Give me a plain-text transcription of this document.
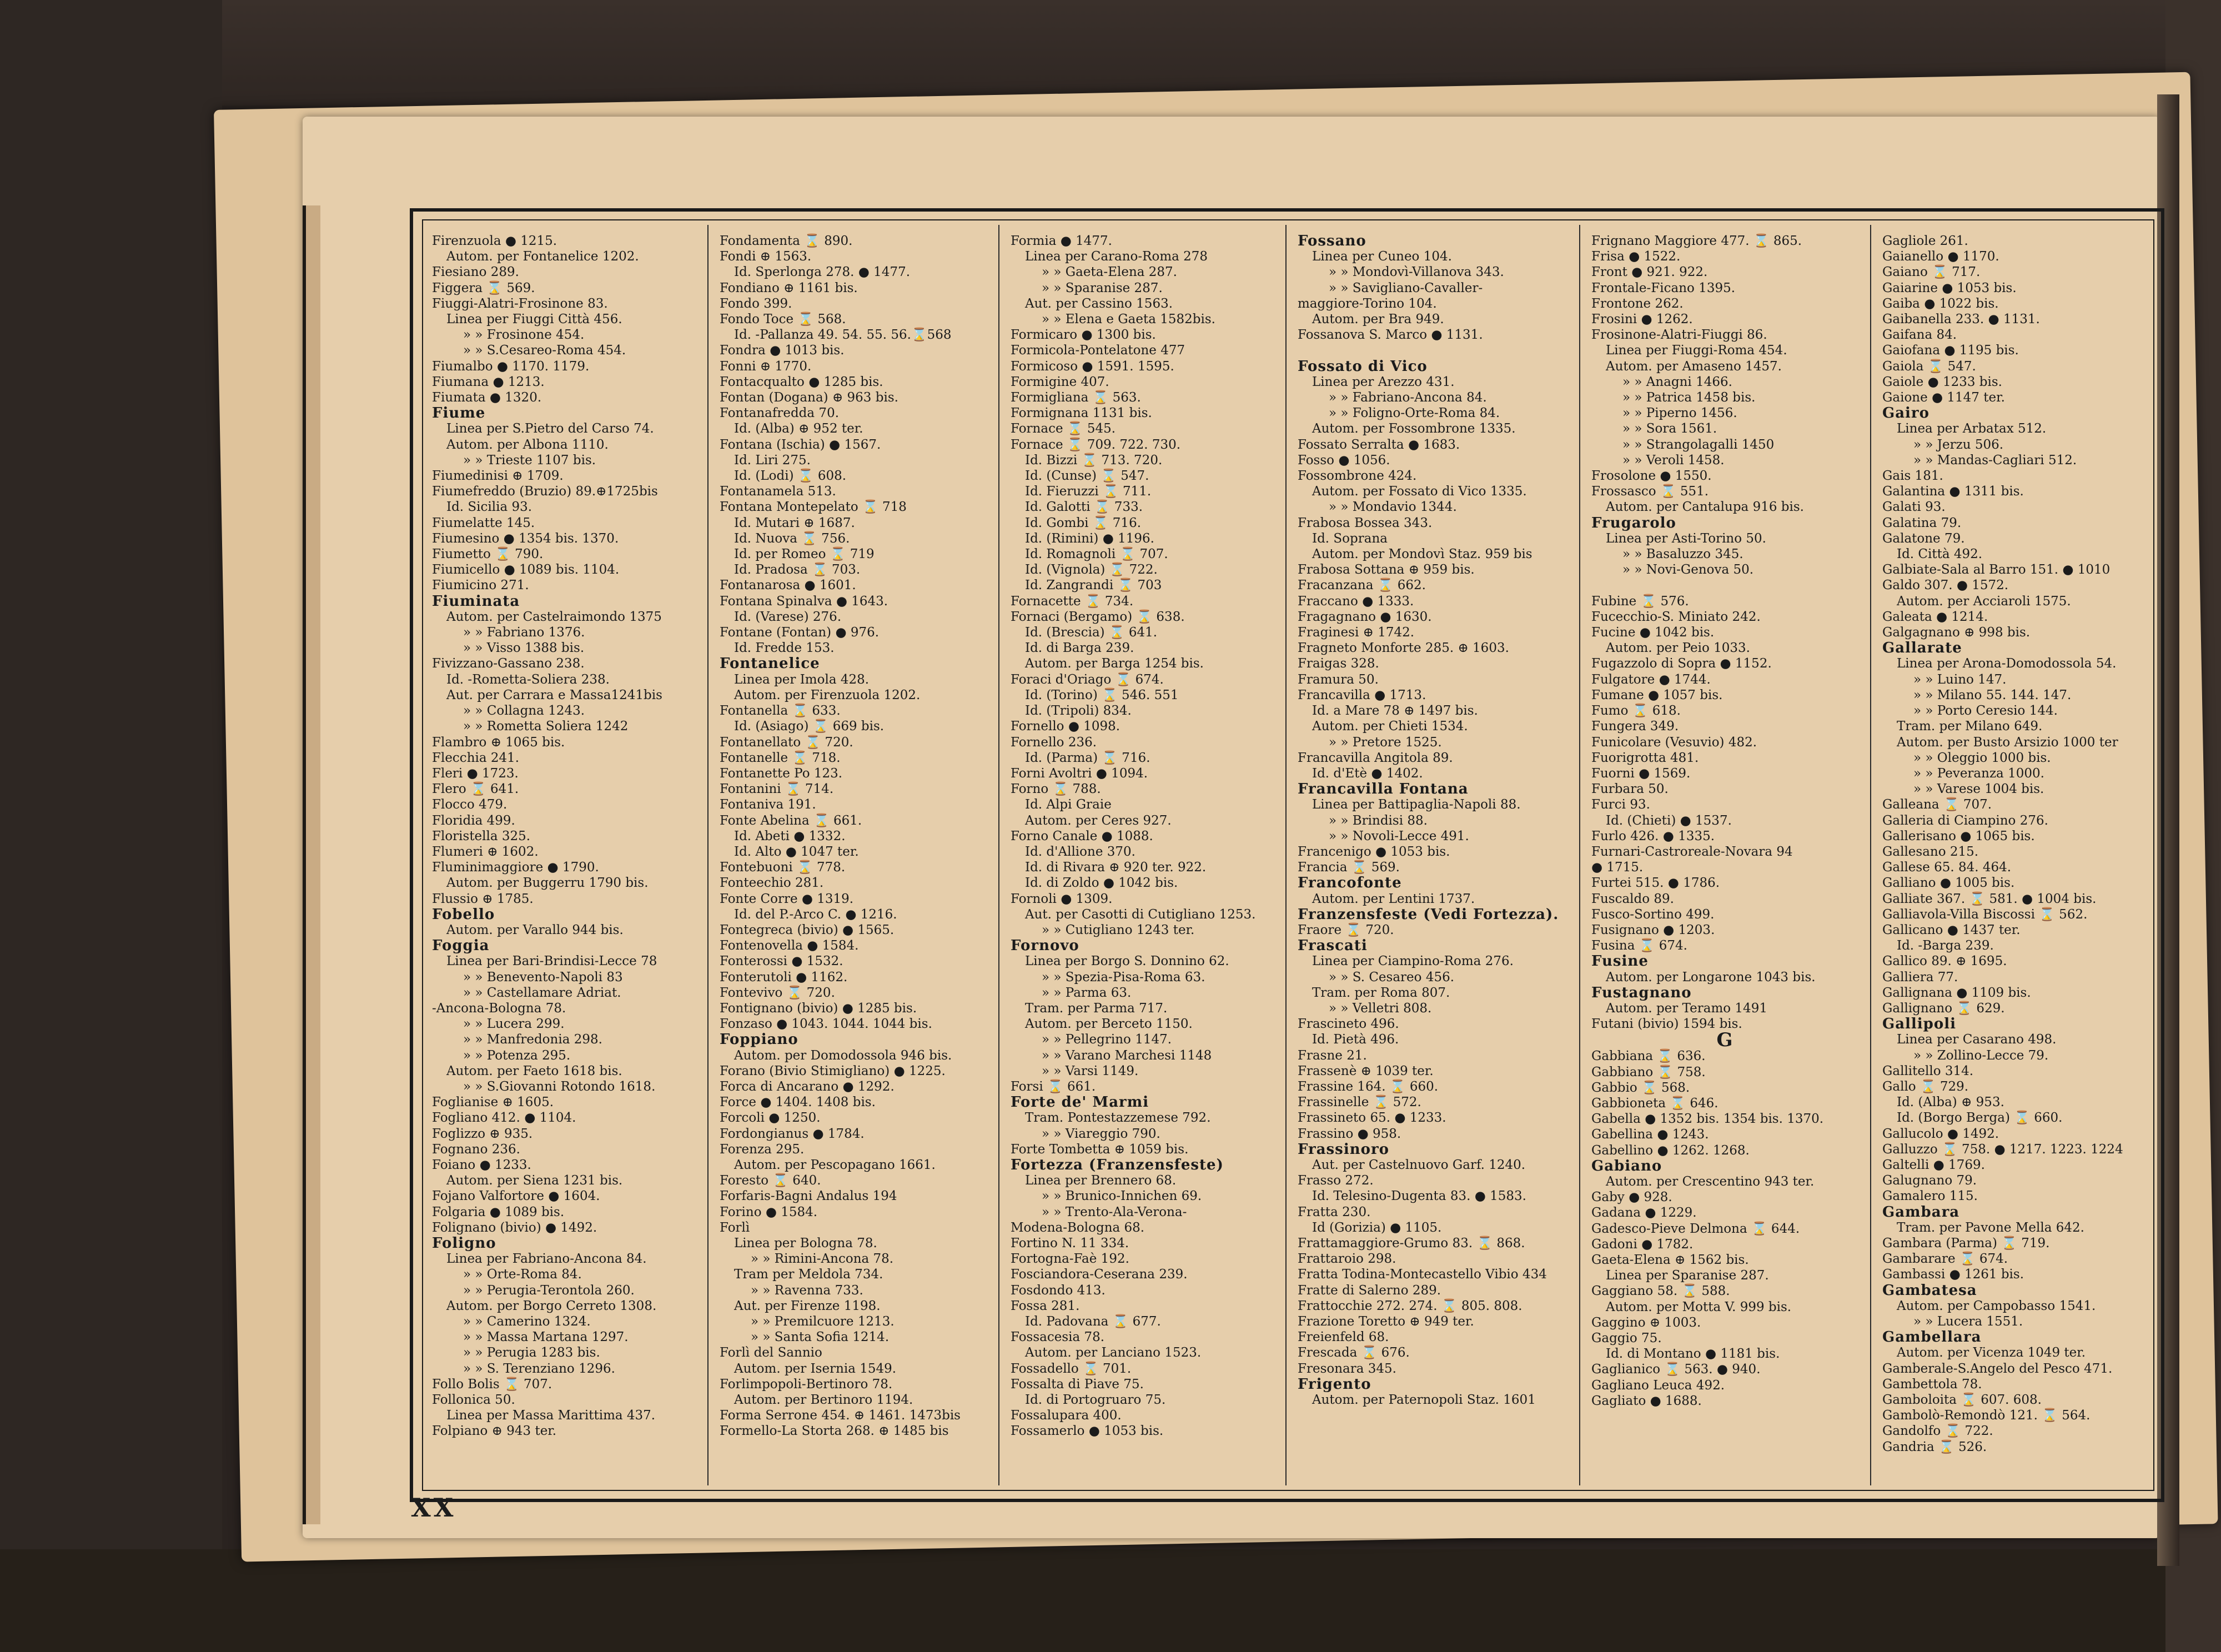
Firenzuola ● 1215.
Autom. per Fontanelice 1202.
Fiesiano 289.
Figgera ⌛ 569.
Fiuggi-Alatri-Frosinone 83.
Linea per Fiuggi Città 456.
» » Frosinone 454.
» » S.Cesareo-Roma 454.
Fiumalbo ● 1170. 1179.
Fiumana ● 1213.
Fiumata ● 1320.
Fiume
Linea per S.Pietro del Carso 74.
Autom. per Albona 1110.
» » Trieste 1107 bis.
Fiumedinisi ⊕ 1709.
Fiumefreddo (Bruzio) 89.⊕1725bis
Id. Sicilia 93.
Fiumelatte 145.
Fiumesino ● 1354 bis. 1370.
Fiumetto ⌛ 790.
Fiumicello ● 1089 bis. 1104.
Fiumicino 271.
Fiuminata
Autom. per Castelraimondo 1375
» » Fabriano 1376.
» » Visso 1388 bis.
Fivizzano-Gassano 238.
Id. -Rometta-Soliera 238.
Aut. per Carrara e Massa1241bis
» » Collagna 1243.
» » Rometta Soliera 1242
Flambro ⊕ 1065 bis.
Flecchia 241.
Fleri ● 1723.
Flero ⌛ 641.
Flocco 479.
Floridia 499.
Floristella 325.
Flumeri ⊕ 1602.
Fluminimaggiore ● 1790.
Autom. per Buggerru 1790 bis.
Flussio ⊕ 1785.
Fobello
Autom. per Varallo 944 bis.
Foggia
Linea per Bari-Brindisi-Lecce 78
» » Benevento-Napoli 83
» » Castellamare Adriat.
-Ancona-Bologna 78.
» » Lucera 299.
» » Manfredonia 298.
» » Potenza 295.
Autom. per Faeto 1618 bis.
» » S.Giovanni Rotondo 1618.
Foglianise ⊕ 1605.
Fogliano 412. ● 1104.
Foglizzo ⊕ 935.
Fognano 236.
Foiano ● 1233.
Autom. per Siena 1231 bis.
Fojano Valfortore ● 1604.
Folgaria ● 1089 bis.
Folignano (bivio) ● 1492.
Foligno
Linea per Fabriano-Ancona 84.
» » Orte-Roma 84.
» » Perugia-Terontola 260.
Autom. per Borgo Cerreto 1308.
» » Camerino 1324.
» » Massa Martana 1297.
» » Perugia 1283 bis.
» » S. Terenziano 1296.
Follo Bolis ⌛ 707.
Follonica 50.
Linea per Massa Marittima 437.
Folpiano ⊕ 943 ter.
Fondamenta ⌛ 890.
Fondi ⊕ 1563.
Id. Sperlonga 278. ● 1477.
Fondiano ⊕ 1161 bis.
Fondo 399.
Fondo Toce ⌛ 568.
Id. -Pallanza 49. 54. 55. 56.⌛568
Fondra ● 1013 bis.
Fonni ⊕ 1770.
Fontacqualto ● 1285 bis.
Fontan (Dogana) ⊕ 963 bis.
Fontanafredda 70.
Id. (Alba) ⊕ 952 ter.
Fontana (Ischia) ● 1567.
Id. Liri 275.
Id. (Lodi) ⌛ 608.
Fontanamela 513.
Fontana Montepelato ⌛ 718
Id. Mutari ⊕ 1687.
Id. Nuova ⌛ 756.
Id. per Romeo ⌛ 719
Id. Pradosa ⌛ 703.
Fontanarosa ● 1601.
Fontana Spinalva ● 1643.
Id. (Varese) 276.
Fontane (Fontan) ● 976.
Id. Fredde 153.
Fontanelice
Linea per Imola 428.
Autom. per Firenzuola 1202.
Fontanella ⌛ 633.
Id. (Asiago) ⌛ 669 bis.
Fontanellato ⌛ 720.
Fontanelle ⌛ 718.
Fontanette Po 123.
Fontanini ⌛ 714.
Fontaniva 191.
Fonte Abelina ⌛ 661.
Id. Abeti ● 1332.
Id. Alto ● 1047 ter.
Fontebuoni ⌛ 778.
Fonteechio 281.
Fonte Corre ● 1319.
Id. del P.-Arco C. ● 1216.
Fontegreca (bivio) ● 1565.
Fontenovella ● 1584.
Fonterossi ● 1532.
Fonterutoli ● 1162.
Fontevivo ⌛ 720.
Fontignano (bivio) ● 1285 bis.
Fonzaso ● 1043. 1044. 1044 bis.
Foppiano
Autom. per Domodossola 946 bis.
Forano (Bivio Stimigliano) ● 1225.
Forca di Ancarano ● 1292.
Force ● 1404. 1408 bis.
Forcoli ● 1250.
Fordongianus ● 1784.
Forenza 295.
Autom. per Pescopagano 1661.
Foresto ⌛ 640.
Forfaris-Bagni Andalus 194
Forino ● 1584.
Forlì
Linea per Bologna 78.
» » Rimini-Ancona 78.
Tram per Meldola 734.
» » Ravenna 733.
Aut. per Firenze 1198.
» » Premilcuore 1213.
» » Santa Sofia 1214.
Forlì del Sannio
Autom. per Isernia 1549.
Forlimpopoli-Bertinoro 78.
Autom. per Bertinoro 1194.
Forma Serrone 454. ⊕ 1461. 1473bis
Formello-La Storta 268. ⊕ 1485 bis
Formia ● 1477.
Linea per Carano-Roma 278
» » Gaeta-Elena 287.
» » Sparanise 287.
Aut. per Cassino 1563.
» » Elena e Gaeta 1582bis.
Formicaro ● 1300 bis.
Formicola-Pontelatone 477
Formicoso ● 1591. 1595.
Formigine 407.
Formigliana ⌛ 563.
Formignana 1131 bis.
Fornace ⌛ 545.
Fornace ⌛ 709. 722. 730.
Id. Bizzi ⌛ 713. 720.
Id. (Cunse) ⌛ 547.
Id. Fieruzzi ⌛ 711.
Id. Galotti ⌛ 733.
Id. Gombi ⌛ 716.
Id. (Rimini) ● 1196.
Id. Romagnoli ⌛ 707.
Id. (Vignola) ⌛ 722.
Id. Zangrandi ⌛ 703
Fornacette ⌛ 734.
Fornaci (Bergamo) ⌛ 638.
Id. (Brescia) ⌛ 641.
Id. di Barga 239.
Autom. per Barga 1254 bis.
Foraci d'Oriago ⌛ 674.
Id. (Torino) ⌛ 546. 551
Id. (Tripoli) 834.
Fornello ● 1098.
Fornello 236.
Id. (Parma) ⌛ 716.
Forni Avoltri ● 1094.
Forno ⌛ 788.
Id. Alpi Graie
Autom. per Ceres 927.
Forno Canale ● 1088.
Id. d'Allione 370.
Id. di Rivara ⊕ 920 ter. 922.
Id. di Zoldo ● 1042 bis.
Fornoli ● 1309.
Aut. per Casotti di Cutigliano 1253.
» » Cutigliano 1243 ter.
Fornovo
Linea per Borgo S. Donnino 62.
» » Spezia-Pisa-Roma 63.
» » Parma 63.
Tram. per Parma 717.
Autom. per Berceto 1150.
» » Pellegrino 1147.
» » Varano Marchesi 1148
» » Varsi 1149.
Forsi ⌛ 661.
Forte de' Marmi
Tram. Pontestazzemese 792.
» » Viareggio 790.
Forte Tombetta ⊕ 1059 bis.
Fortezza (Franzensfeste)
Linea per Brennero 68.
» » Brunico-Innichen 69.
» » Trento-Ala-Verona-
Modena-Bologna 68.
Fortino N. 11 334.
Fortogna-Faè 192.
Fosciandora-Ceserana 239.
Fosdondo 413.
Fossa 281.
Id. Padovana ⌛ 677.
Fossacesia 78.
Autom. per Lanciano 1523.
Fossadello ⌛ 701.
Fossalta di Piave 75.
Id. di Portogruaro 75.
Fossalupara 400.
Fossamerlo ● 1053 bis.
Fossano
Linea per Cuneo 104.
» » Mondovì-Villanova 343.
» » Savigliano-Cavaller-
maggiore-Torino 104.
Autom. per Bra 949.
Fossanova S. Marco ● 1131.

Fossato di Vico
Linea per Arezzo 431.
» » Fabriano-Ancona 84.
» » Foligno-Orte-Roma 84.
Autom. per Fossombrone 1335.
Fossato Serralta ● 1683.
Fosso ● 1056.
Fossombrone 424.
Autom. per Fossato di Vico 1335.
» » Mondavio 1344.
Frabosa Bossea 343.
Id. Soprana
Autom. per Mondovì Staz. 959 bis
Frabosa Sottana ⊕ 959 bis.
Fracanzana ⌛ 662.
Fraccano ● 1333.
Fragagnano ● 1630.
Fraginesi ⊕ 1742.
Fragneto Monforte 285. ⊕ 1603.
Fraigas 328.
Framura 50.
Francavilla ● 1713.
Id. a Mare 78 ⊕ 1497 bis.
Autom. per Chieti 1534.
» » Pretore 1525.
Francavilla Angitola 89.
Id. d'Etè ● 1402.
Francavilla Fontana
Linea per Battipaglia-Napoli 88.
» » Brindisi 88.
» » Novoli-Lecce 491.
Francenigo ● 1053 bis.
Francia ⌛ 569.
Francofonte
Autom. per Lentini 1737.
Franzensfeste (Vedi Fortezza).
Fraore ⌛ 720.
Frascati
Linea per Ciampino-Roma 276.
» » S. Cesareo 456.
Tram. per Roma 807.
» » Velletri 808.
Frascineto 496.
Id. Pietà 496.
Frasne 21.
Frassenè ⊕ 1039 ter.
Frassine 164. ⌛ 660.
Frassinelle ⌛ 572.
Frassineto 65. ● 1233.
Frassino ● 958.
Frassinoro
Aut. per Castelnuovo Garf. 1240.
Frasso 272.
Id. Telesino-Dugenta 83. ● 1583.
Fratta 230.
Id (Gorizia) ● 1105.
Frattamaggiore-Grumo 83. ⌛ 868.
Frattaroio 298.
Fratta Todina-Montecastello Vibio 434
Fratte di Salerno 289.
Frattocchie 272. 274. ⌛ 805. 808.
Frazione Toretto ⊕ 949 ter.
Freienfeld 68.
Frescada ⌛ 676.
Fresonara 345.
Frigento
Autom. per Paternopoli Staz. 1601
Frignano Maggiore 477. ⌛ 865.
Frisa ● 1522.
Front ● 921. 922.
Frontale-Ficano 1395.
Frontone 262.
Frosini ● 1262.
Frosinone-Alatri-Fiuggi 86.
Linea per Fiuggi-Roma 454.
Autom. per Amaseno 1457.
» » Anagni 1466.
» » Patrica 1458 bis.
» » Piperno 1456.
» » Sora 1561.
» » Strangolagalli 1450
» » Veroli 1458.
Frosolone ● 1550.
Frossasco ⌛ 551.
Autom. per Cantalupa 916 bis.
Frugarolo
Linea per Asti-Torino 50.
» » Basaluzzo 345.
» » Novi-Genova 50.

Fubine ⌛ 576.
Fucecchio-S. Miniato 242.
Fucine ● 1042 bis.
Autom. per Peio 1033.
Fugazzolo di Sopra ● 1152.
Fulgatore ● 1744.
Fumane ● 1057 bis.
Fumo ⌛ 618.
Fungera 349.
Funicolare (Vesuvio) 482.
Fuorigrotta 481.
Fuorni ● 1569.
Furbara 50.
Furci 93.
Id. (Chieti) ● 1537.
Furlo 426. ● 1335.
Furnari-Castroreale-Novara 94
● 1715.
Furtei 515. ● 1786.
Fuscaldo 89.
Fusco-Sortino 499.
Fusignano ● 1203.
Fusina ⌛ 674.
Fusine
Autom. per Longarone 1043 bis.
Fustagnano
Autom. per Teramo 1491
Futani (bivio) 1594 bis.
G
Gabbiana ⌛ 636.
Gabbiano ⌛ 758.
Gabbio ⌛ 568.
Gabbioneta ⌛ 646.
Gabella ● 1352 bis. 1354 bis. 1370.
Gabellina ● 1243.
Gabellino ● 1262. 1268.
Gabiano
Autom. per Crescentino 943 ter.
Gaby ● 928.
Gadana ● 1229.
Gadesco-Pieve Delmona ⌛ 644.
Gadoni ● 1782.
Gaeta-Elena ⊕ 1562 bis.
Linea per Sparanise 287.
Gaggiano 58. ⌛ 588.
Autom. per Motta V. 999 bis.
Gaggino ⊕ 1003.
Gaggio 75.
Id. di Montano ● 1181 bis.
Gaglianico ⌛ 563. ● 940.
Gagliano Leuca 492.
Gagliato ● 1688.
Gagliole 261.
Gaianello ● 1170.
Gaiano ⌛ 717.
Gaiarine ● 1053 bis.
Gaiba ● 1022 bis.
Gaibanella 233. ● 1131.
Gaifana 84.
Gaiofana ● 1195 bis.
Gaiola ⌛ 547.
Gaiole ● 1233 bis.
Gaione ● 1147 ter.
Gairo
Linea per Arbatax 512.
» » Jerzu 506.
» » Mandas-Cagliari 512.
Gais 181.
Galantina ● 1311 bis.
Galati 93.
Galatina 79.
Galatone 79.
Id. Città 492.
Galbiate-Sala al Barro 151. ● 1010
Galdo 307. ● 1572.
Autom. per Acciaroli 1575.
Galeata ● 1214.
Galgagnano ⊕ 998 bis.
Gallarate
Linea per Arona-Domodossola 54.
» » Luino 147.
» » Milano 55. 144. 147.
» » Porto Ceresio 144.
Tram. per Milano 649.
Autom. per Busto Arsizio 1000 ter
» » Oleggio 1000 bis.
» » Peveranza 1000.
» » Varese 1004 bis.
Galleana ⌛ 707.
Galleria di Ciampino 276.
Gallerisano ● 1065 bis.
Gallesano 215.
Gallese 65. 84. 464.
Galliano ● 1005 bis.
Galliate 367. ⌛ 581. ● 1004 bis.
Galliavola-Villa Biscossi ⌛ 562.
Gallicano ● 1437 ter.
Id. -Barga 239.
Gallico 89. ⊕ 1695.
Galliera 77.
Gallignana ● 1109 bis.
Gallignano ⌛ 629.
Gallipoli
Linea per Casarano 498.
» » Zollino-Lecce 79.
Gallitello 314.
Gallo ⌛ 729.
Id. (Alba) ⊕ 953.
Id. (Borgo Berga) ⌛ 660.
Gallucolo ● 1492.
Galluzzo ⌛ 758. ● 1217. 1223. 1224
Galtelli ● 1769.
Galugnano 79.
Gamalero 115.
Gambara
Tram. per Pavone Mella 642.
Gambara (Parma) ⌛ 719.
Gambarare ⌛ 674.
Gambassi ● 1261 bis.
Gambatesa
Autom. per Campobasso 1541.
» » Lucera 1551.
Gambellara
Autom. per Vicenza 1049 ter.
Gamberale-S.Angelo del Pesco 471.
Gambettola 78.
Gamboloita ⌛ 607. 608.
Gambolò-Remondò 121. ⌛ 564.
Gandolfo ⌛ 722.
Gandria ⌛ 526.
XX
